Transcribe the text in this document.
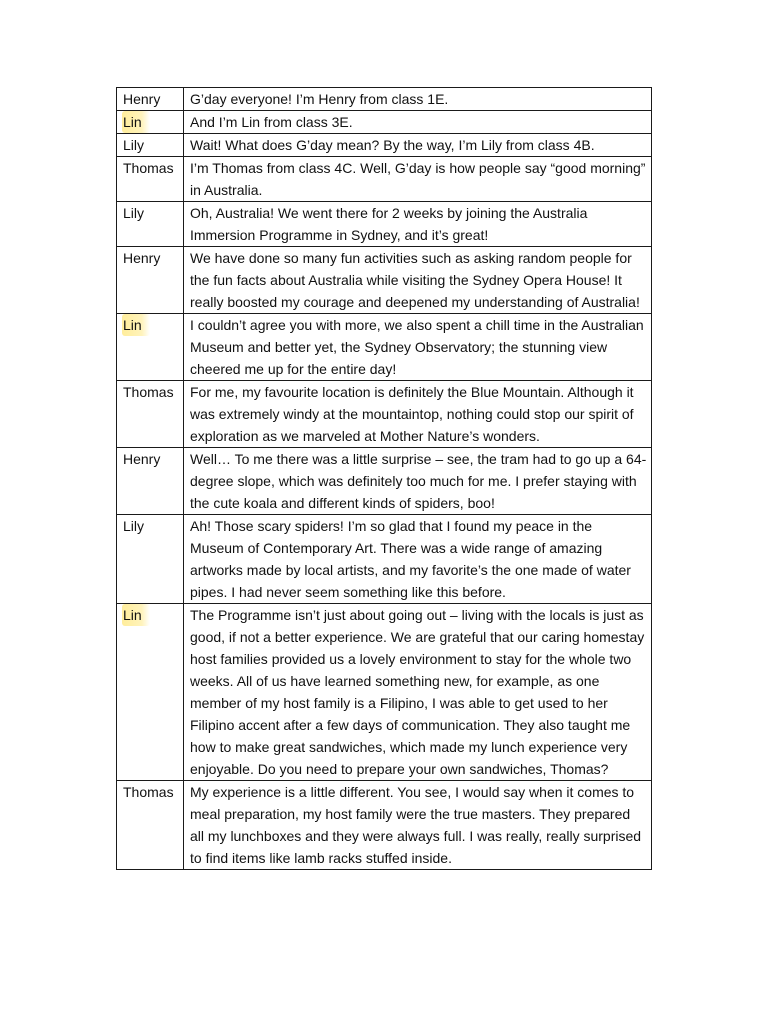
Henry	G’day everyone! I’m Henry from class 1E.
Lin	And I’m Lin from class 3E.
Lily	Wait! What does G’day mean? By the way, I’m Lily from class 4B.
Thomas	I’m Thomas from class 4C. Well, G’day is how people say “good morning” in Australia.
Lily	Oh, Australia! We went there for 2 weeks by joining the Australia Immersion Programme in Sydney, and it’s great!
Henry	We have done so many fun activities such as asking random people for the fun facts about Australia while visiting the Sydney Opera House! It really boosted my courage and deepened my understanding of Australia!
Lin	I couldn’t agree you with more, we also spent a chill time in the Australian Museum and better yet, the Sydney Observatory; the stunning view cheered me up for the entire day!
Thomas	For me, my favourite location is definitely the Blue Mountain. Although it was extremely windy at the mountaintop, nothing could stop our spirit of exploration as we marveled at Mother Nature’s wonders.
Henry	Well… To me there was a little surprise – see, the tram had to go up a 64-degree slope, which was definitely too much for me. I prefer staying with the cute koala and different kinds of spiders, boo!
Lily	Ah! Those scary spiders! I’m so glad that I found my peace in the Museum of Contemporary Art. There was a wide range of amazing artworks made by local artists, and my favorite’s the one made of water pipes. I had never seem something like this before.
Lin	The Programme isn’t just about going out – living with the locals is just as good, if not a better experience. We are grateful that our caring homestay host families provided us a lovely environment to stay for the whole two weeks. All of us have learned something new, for example, as one member of my host family is a Filipino, I was able to get used to her Filipino accent after a few days of communication. They also taught me how to make great sandwiches, which made my lunch experience very enjoyable. Do you need to prepare your own sandwiches, Thomas?
Thomas	My experience is a little different. You see, I would say when it comes to meal preparation, my host family were the true masters. They prepared all my lunchboxes and they were always full. I was really, really surprised to find items like lamb racks stuffed inside.
